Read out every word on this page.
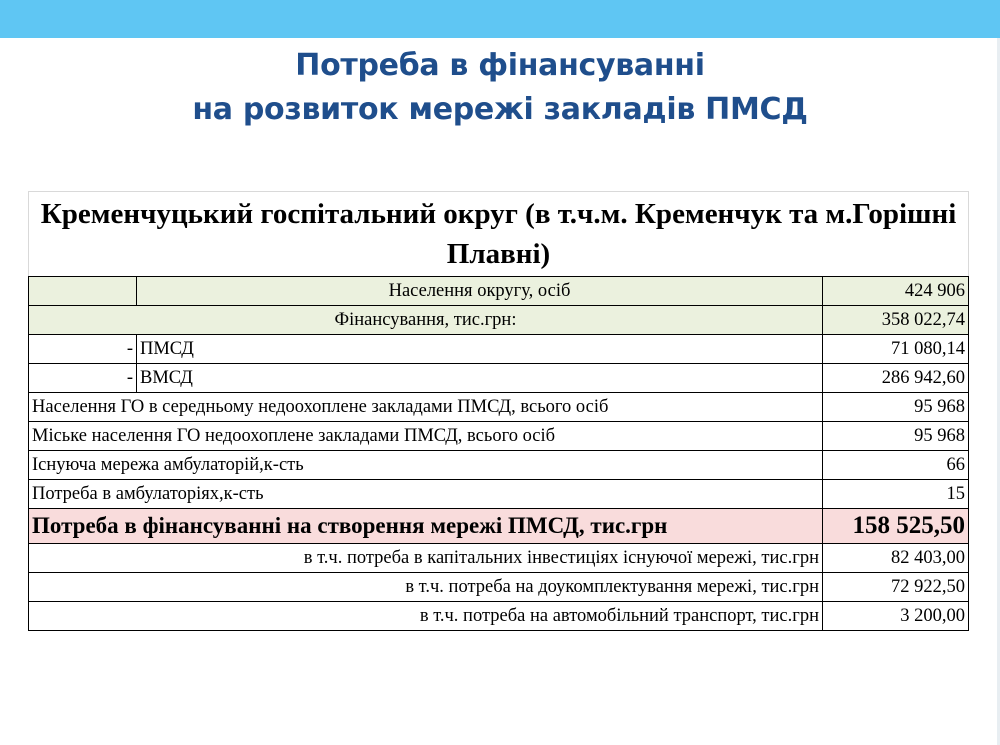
Потреба в фінансуванні
на розвиток мережі закладів ПМСД
Кременчуцький госпітальний округ (в т.ч.м. Кременчук та м.Горішні Плавні)		
	Населення округу, осіб	424 906
Фінансування, тис.грн:		358 022,74
-	ПМСД	71 080,14
-	ВМСД	286 942,60
Населення ГО в середньому недоохоплене закладами ПМСД, всього осіб		95 968
Міське населення ГО недоохоплене закладами ПМСД, всього осіб		95 968
Існуюча мережа амбулаторій,к-сть		66
Потреба в амбулаторіях,к-сть		15
Потреба в фінансуванні на створення мережі ПМСД, тис.грн		158 525,50
в т.ч. потреба в капітальних інвестиціях існуючої мережі, тис.грн		82 403,00
в т.ч. потреба на доукомплектування мережі, тис.грн		72 922,50
в т.ч. потреба на автомобільний транспорт, тис.грн		3 200,00
